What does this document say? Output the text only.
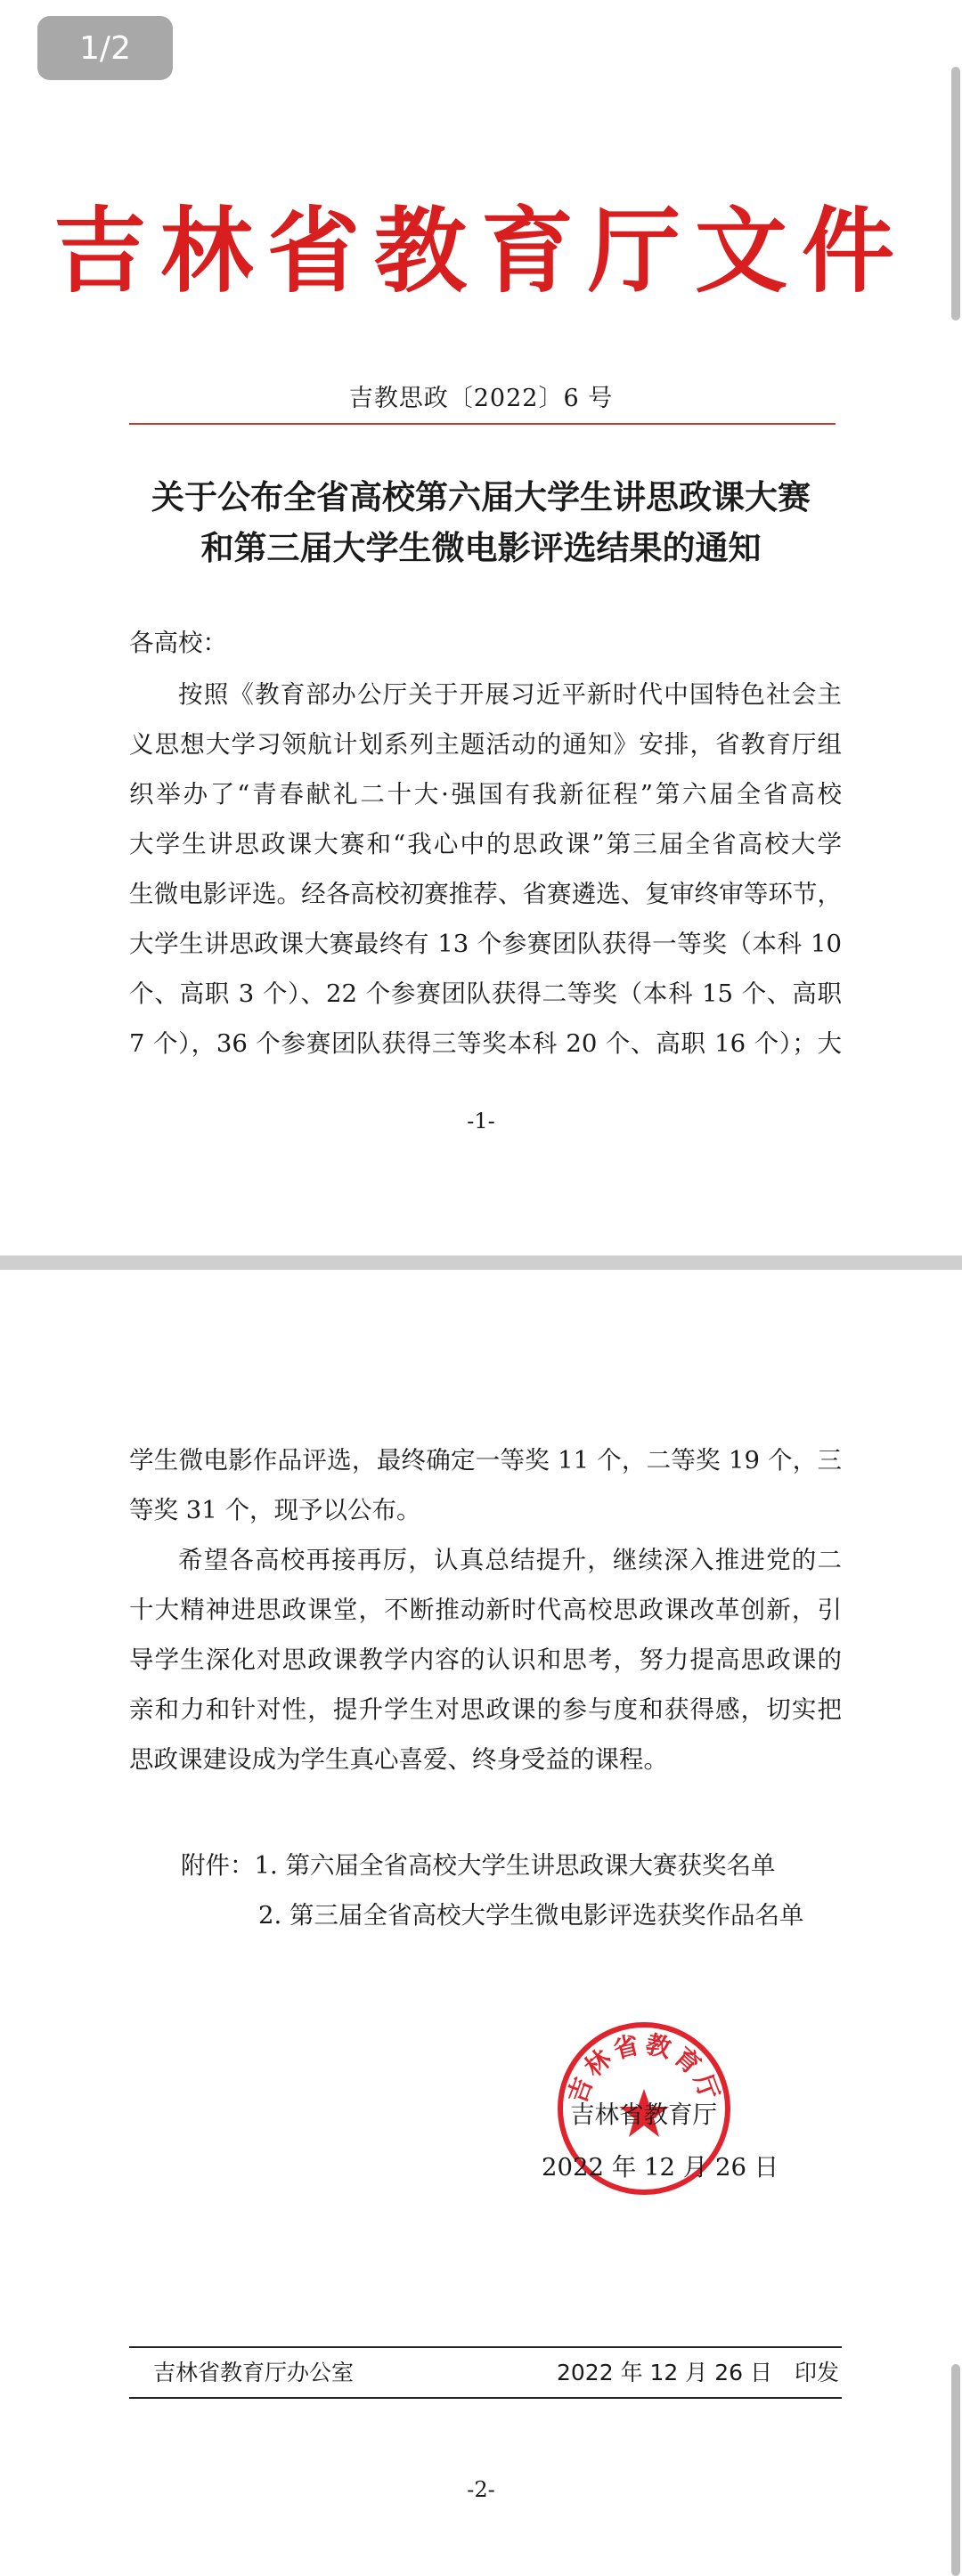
1/2
吉林省教育厅文件
吉教思政〔2022〕6 号
关于公布全省高校第六届大学生讲思政课大赛
和第三届大学生微电影评选结果的通知
各高校：
按照《教育部办公厅关于开展习近平新时代中国特色社会主
义思想大学习领航计划系列主题活动的通知》安排，省教育厅组
织举办了“青春献礼二十大·强国有我新征程”第六届全省高校
大学生讲思政课大赛和“我心中的思政课”第三届全省高校大学
生微电影评选。经各高校初赛推荐、省赛遴选、复审终审等环节，
大学生讲思政课大赛最终有 13 个参赛团队获得一等奖（本科 10
个、高职 3 个）、22 个参赛团队获得二等奖（本科 15 个、高职
7 个），36 个参赛团队获得三等奖本科 20 个、高职 16 个）；大
-1-
学生微电影作品评选，最终确定一等奖 11 个，二等奖 19 个，三
等奖 31 个，现予以公布。
希望各高校再接再厉，认真总结提升，继续深入推进党的二
十大精神进思政课堂，不断推动新时代高校思政课改革创新，引
导学生深化对思政课教学内容的认识和思考，努力提高思政课的
亲和力和针对性，提升学生对思政课的参与度和获得感，切实把
思政课建设成为学生真心喜爱、终身受益的课程。
附件：1. 第六届全省高校大学生讲思政课大赛获奖名单
2. 第三届全省高校大学生微电影评选获奖作品名单
吉林省教育厅
吉林省教育厅
2022 年 12 月 26 日
吉林省教育厅办公室	2022 年 12 月 26 日　印发
-2-
